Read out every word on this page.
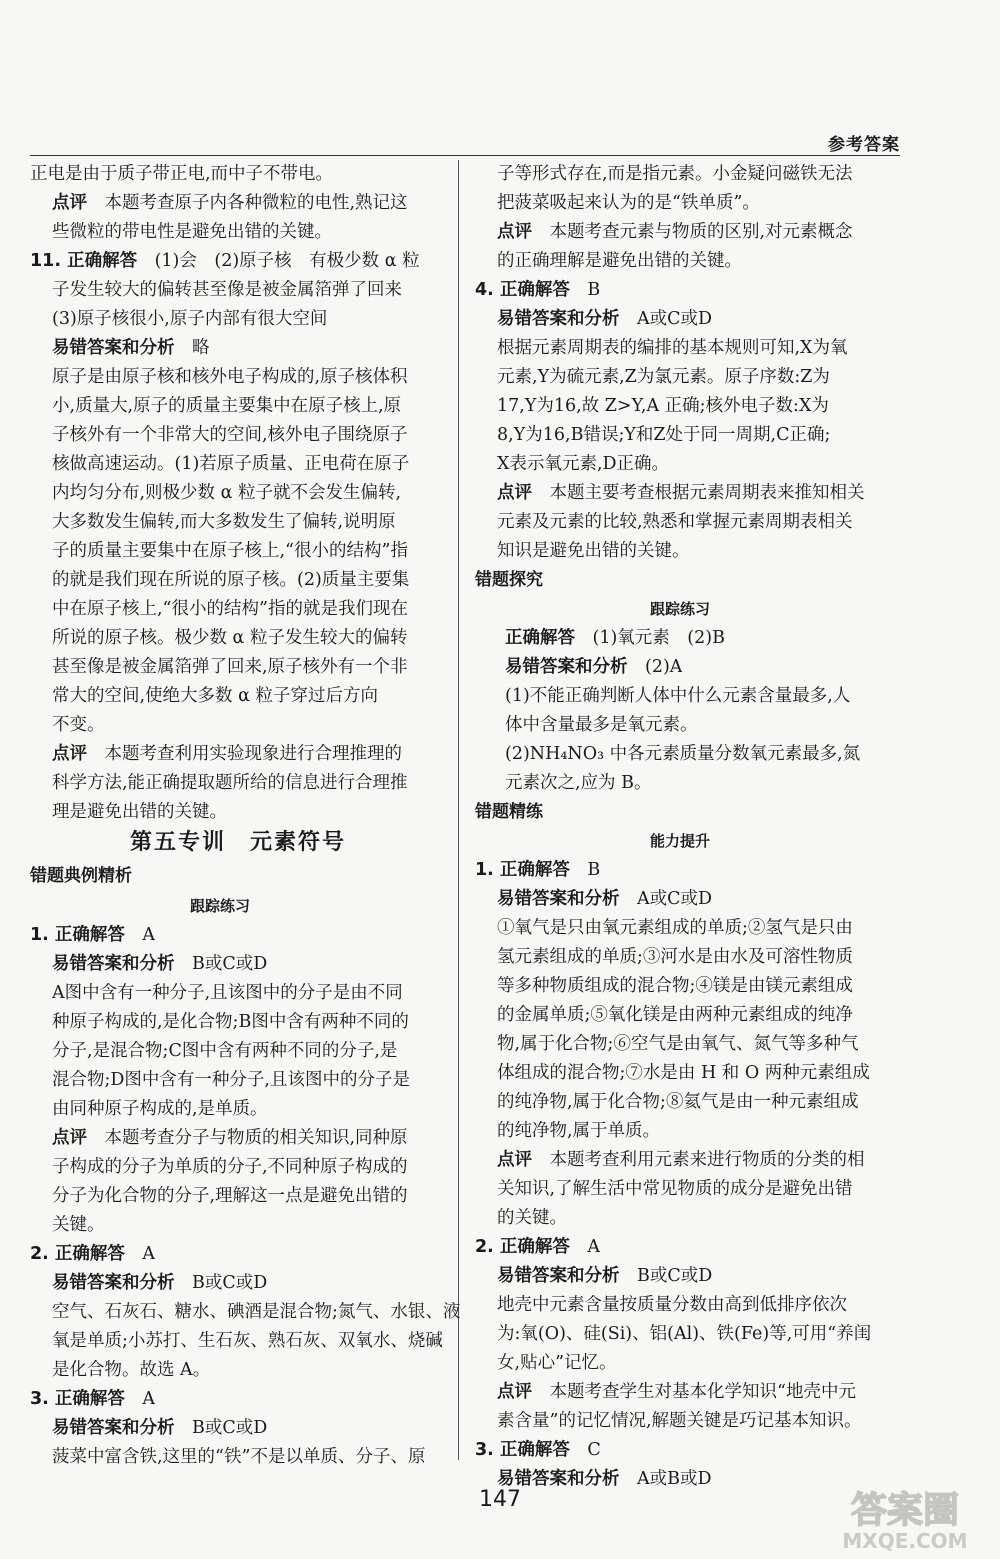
参考答案
正电是由于质子带正电,而中子不带电。
点评　本题考查原子内各种微粒的电性,熟记这
些微粒的带电性是避免出错的关键。
11. 正确解答　(1)会　(2)原子核　有极少数 α 粒
子发生较大的偏转甚至像是被金属箔弹了回来
(3)原子核很小,原子内部有很大空间
易错答案和分析　略
原子是由原子核和核外电子构成的,原子核体积
小,质量大,原子的质量主要集中在原子核上,原
子核外有一个非常大的空间,核外电子围绕原子
核做高速运动。(1)若原子质量、正电荷在原子
内均匀分布,则极少数 α 粒子就不会发生偏转,
大多数发生偏转,而大多数发生了偏转,说明原
子的质量主要集中在原子核上,“很小的结构”指
的就是我们现在所说的原子核。(2)质量主要集
中在原子核上,“很小的结构”指的就是我们现在
所说的原子核。极少数 α 粒子发生较大的偏转
甚至像是被金属箔弹了回来,原子核外有一个非
常大的空间,使绝大多数 α 粒子穿过后方向
不变。
点评　本题考查利用实验现象进行合理推理的
科学方法,能正确提取题所给的信息进行合理推
理是避免出错的关键。
第五专训　元素符号
错题典例精析
跟踪练习
1. 正确解答　A
易错答案和分析　B或C或D
A图中含有一种分子,且该图中的分子是由不同
种原子构成的,是化合物;B图中含有两种不同的
分子,是混合物;C图中含有两种不同的分子,是
混合物;D图中含有一种分子,且该图中的分子是
由同种原子构成的,是单质。
点评　本题考查分子与物质的相关知识,同种原
子构成的分子为单质的分子,不同种原子构成的
分子为化合物的分子,理解这一点是避免出错的
关键。
2. 正确解答　A
易错答案和分析　B或C或D
空气、石灰石、糖水、碘酒是混合物;氮气、水银、液
氧是单质;小苏打、生石灰、熟石灰、双氧水、烧碱
是化合物。故选 A。
3. 正确解答　A
易错答案和分析　B或C或D
菠菜中富含铁,这里的“铁”不是以单质、分子、原
子等形式存在,而是指元素。小金疑问磁铁无法
把菠菜吸起来认为的是“铁单质”。
点评　本题考查元素与物质的区别,对元素概念
的正确理解是避免出错的关键。
4. 正确解答　B
易错答案和分析　A或C或D
根据元素周期表的编排的基本规则可知,X为氧
元素,Y为硫元素,Z为氯元素。原子序数:Z为
17,Y为16,故 Z>Y,A 正确;核外电子数:X为
8,Y为16,B错误;Y和Z处于同一周期,C正确;
X表示氧元素,D正确。
点评　本题主要考查根据元素周期表来推知相关
元素及元素的比较,熟悉和掌握元素周期表相关
知识是避免出错的关键。
错题探究
跟踪练习
正确解答　(1)氧元素　(2)B
易错答案和分析　(2)A
(1)不能正确判断人体中什么元素含量最多,人
体中含量最多是氧元素。
(2)NH₄NO₃ 中各元素质量分数氧元素最多,氮
元素次之,应为 B。
错题精练
能力提升
1. 正确解答　B
易错答案和分析　A或C或D
①氧气是只由氧元素组成的单质;②氢气是只由
氢元素组成的单质;③河水是由水及可溶性物质
等多种物质组成的混合物;④镁是由镁元素组成
的金属单质;⑤氧化镁是由两种元素组成的纯净
物,属于化合物;⑥空气是由氧气、氮气等多种气
体组成的混合物;⑦水是由 H 和 O 两种元素组成
的纯净物,属于化合物;⑧氦气是由一种元素组成
的纯净物,属于单质。
点评　本题考查利用元素来进行物质的分类的相
关知识,了解生活中常见物质的成分是避免出错
的关键。
2. 正确解答　A
易错答案和分析　B或C或D
地壳中元素含量按质量分数由高到低排序依次
为:氧(O)、硅(Si)、铝(Al)、铁(Fe)等,可用“养闺
女,贴心”记忆。
点评　本题考查学生对基本化学知识“地壳中元
素含量”的记忆情况,解题关键是巧记基本知识。
3. 正确解答　C
易错答案和分析　A或B或D
147	答案圈
MXQE.COM
